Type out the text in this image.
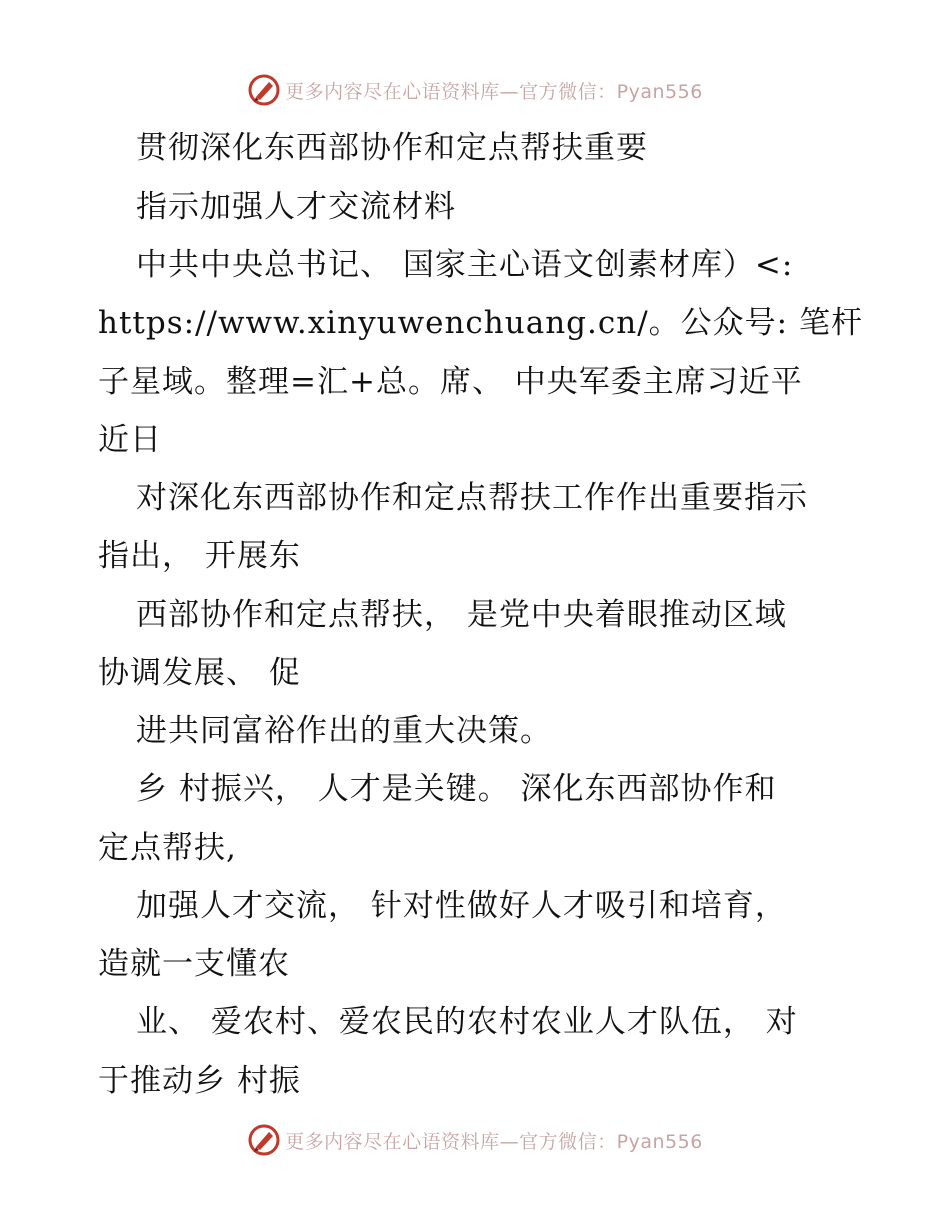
更多内容尽在心语资料库—官方微信：Pyan556
贯彻深化东西部协作和定点帮扶重要
指示加强人才交流材料
中共中央总书记、 国家主心语文创素材库）<:
https://www.xinyuwenchuang.cn/。公众号: 笔杆
子星域。整理=汇+总。席、 中央军委主席习近平
近日
对深化东西部协作和定点帮扶工作作出重要指示
指出， 开展东
西部协作和定点帮扶， 是党中央着眼推动区域
协调发展、 促
进共同富裕作出的重大决策。
乡 村振兴， 人才是关键。 深化东西部协作和
定点帮扶,
加强人才交流， 针对性做好人才吸引和培育，
造就一支懂农
业、 爱农村、爱农民的农村农业人才队伍， 对
于推动乡 村振
更多内容尽在心语资料库—官方微信：Pyan556
